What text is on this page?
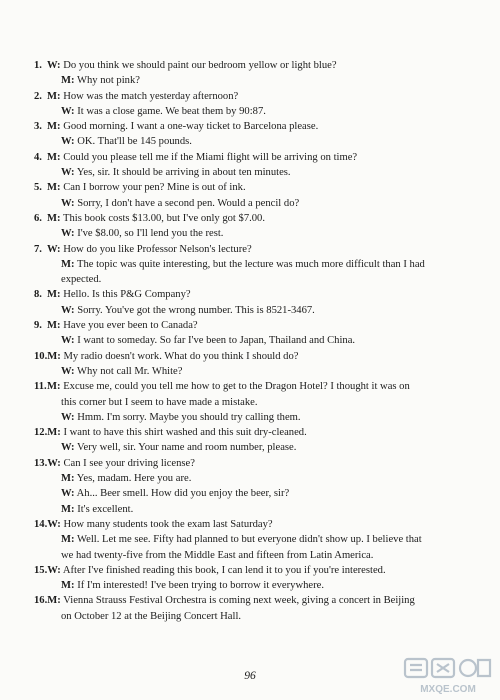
1. W: Do you think we should paint our bedroom yellow or light blue?
M: Why not pink?
2. M: How was the match yesterday afternoon?
W: It was a close game. We beat them by 90:87.
3. M: Good morning. I want a one-way ticket to Barcelona please.
W: OK. That'll be 145 pounds.
4. M: Could you please tell me if the Miami flight will be arriving on time?
W: Yes, sir. It should be arriving in about ten minutes.
5. M: Can I borrow your pen? Mine is out of ink.
W: Sorry, I don't have a second pen. Would a pencil do?
6. M: This book costs $13.00, but I've only got $7.00.
W: I've $8.00, so I'll lend you the rest.
7. W: How do you like Professor Nelson's lecture?
M: The topic was quite interesting, but the lecture was much more difficult than I had
expected.
8. M: Hello. Is this P&G Company?
W: Sorry. You've got the wrong number. This is 8521-3467.
9. M: Have you ever been to Canada?
W: I want to someday. So far I've been to Japan, Thailand and China.
10.M: My radio doesn't work. What do you think I should do?
W: Why not call Mr. White?
11.M: Excuse me, could you tell me how to get to the Dragon Hotel? I thought it was on
this corner but I seem to have made a mistake.
W: Hmm. I'm sorry. Maybe you should try calling them.
12.M: I want to have this shirt washed and this suit dry-cleaned.
W: Very well, sir. Your name and room number, please.
13.W: Can I see your driving license?
M: Yes, madam. Here you are.
W: Ah... Beer smell. How did you enjoy the beer, sir?
M: It's excellent.
14.W: How many students took the exam last Saturday?
M: Well. Let me see. Fifty had planned to but everyone didn't show up. I believe that
we had twenty-five from the Middle East and fifteen from Latin America.
15.W: After I've finished reading this book, I can lend it to you if you're interested.
M: If I'm interested! I've been trying to borrow it everywhere.
16.M: Vienna Strauss Festival Orchestra is coming next week, giving a concert in Beijing
on October 12 at the Beijing Concert Hall.
96
MXQE.COM
